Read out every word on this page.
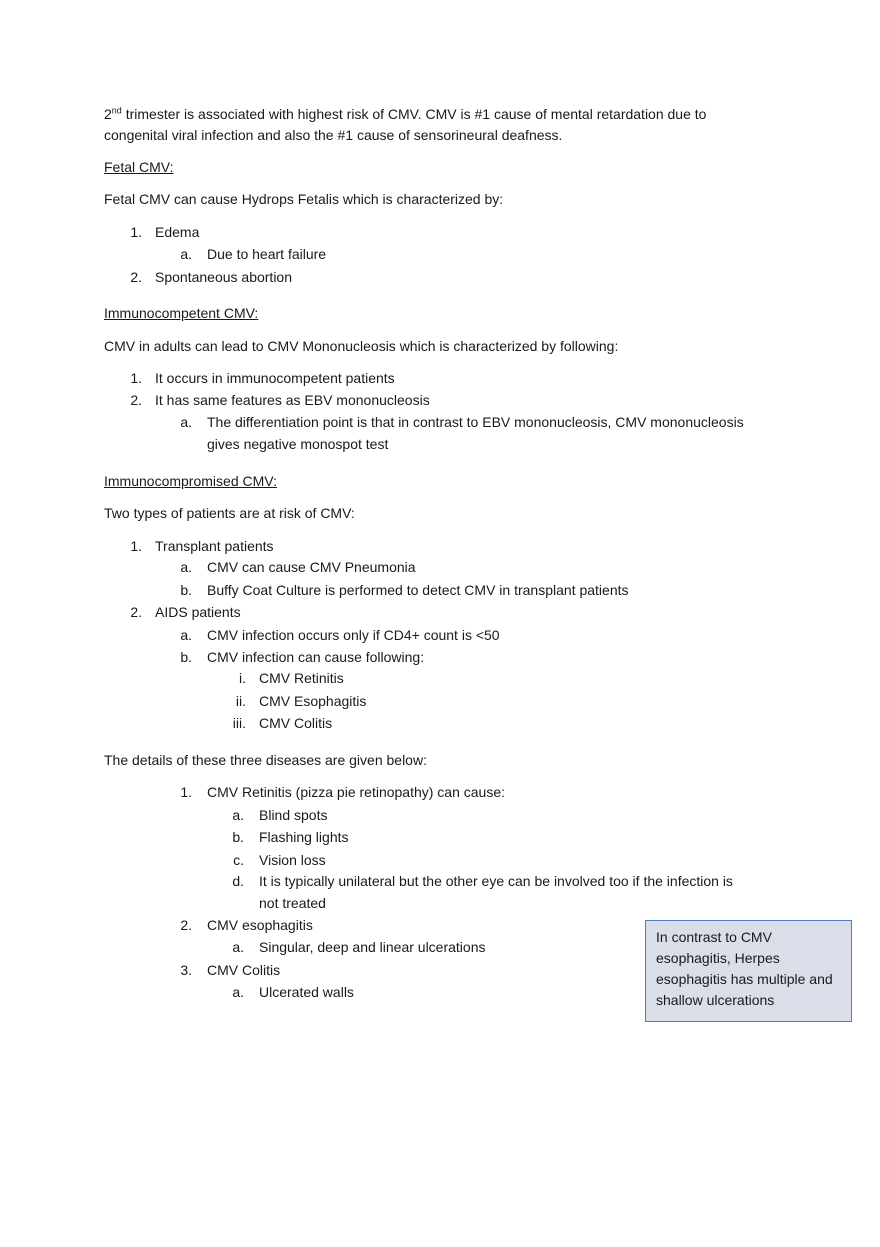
2nd trimester is associated with highest risk of CMV. CMV is #1 cause of mental retardation due to
congenital viral infection and also the #1 cause of sensorineural deafness.
Fetal CMV:
Fetal CMV can cause Hydrops Fetalis which is characterized by:
1. Edema
a. Due to heart failure
2. Spontaneous abortion
Immunocompetent CMV:
CMV in adults can lead to CMV Mononucleosis which is characterized by following:
1. It occurs in immunocompetent patients
2. It has same features as EBV mononucleosis
a. The differentiation point is that in contrast to EBV mononucleosis, CMV mononucleosis
gives negative monospot test
Immunocompromised CMV:
Two types of patients are at risk of CMV:
1. Transplant patients
a. CMV can cause CMV Pneumonia
b. Buffy Coat Culture is performed to detect CMV in transplant patients
2. AIDS patients
a. CMV infection occurs only if CD4+ count is <50
b. CMV infection can cause following:
i. CMV Retinitis
ii. CMV Esophagitis
iii. CMV Colitis
The details of these three diseases are given below:
1. CMV Retinitis (pizza pie retinopathy) can cause:
a. Blind spots
b. Flashing lights
c. Vision loss
d. It is typically unilateral but the other eye can be involved too if the infection is
not treated
2. CMV esophagitis
a. Singular, deep and linear ulcerations
3. CMV Colitis
a. Ulcerated walls
In contrast to CMV
esophagitis, Herpes
esophagitis has multiple and
shallow ulcerations
